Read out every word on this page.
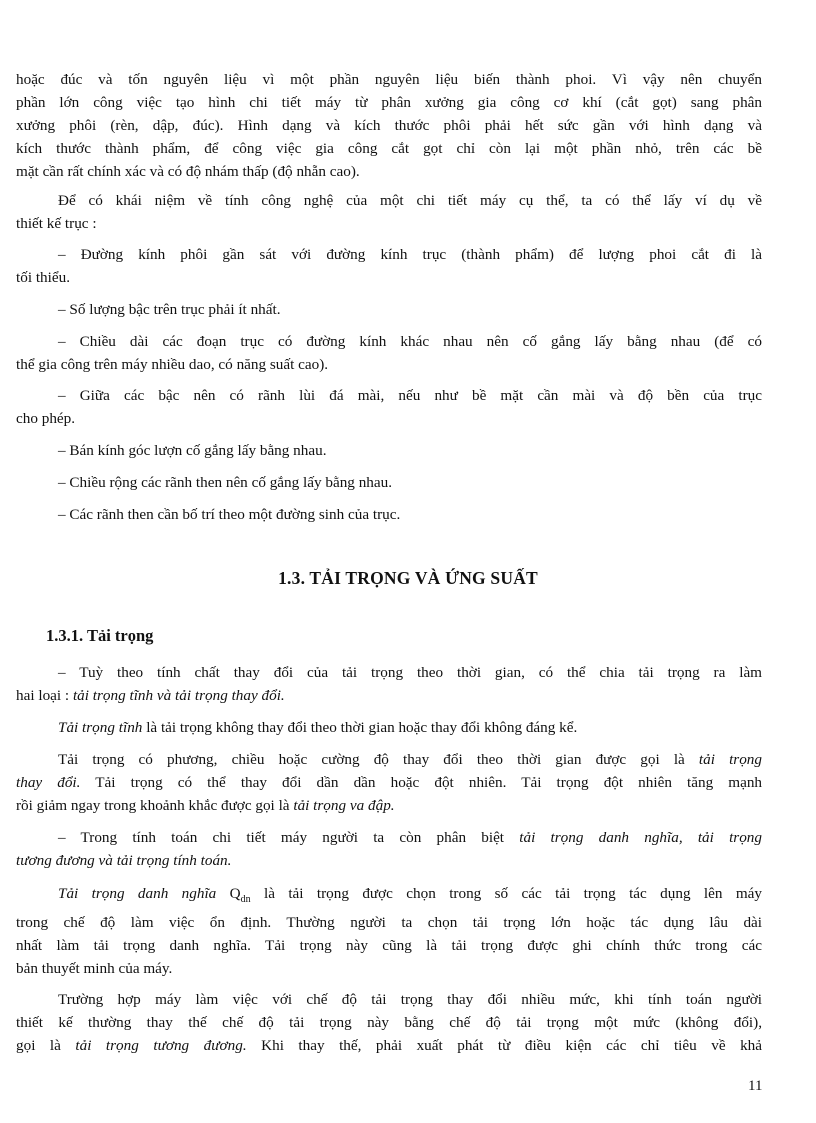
hoặc đúc và tốn nguyên liệu vì một phần nguyên liệu biến thành phoi. Vì vậy nên chuyển
phần lớn công việc tạo hình chi tiết máy từ phân xưởng gia công cơ khí (cắt gọt) sang phân
xưởng phôi (rèn, dập, đúc). Hình dạng và kích thước phôi phải hết sức gần với hình dạng và
kích thước thành phẩm, để công việc gia công cắt gọt chỉ còn lại một phần nhỏ, trên các bề
mặt cần rất chính xác và có độ nhám thấp (độ nhẵn cao).
Để có khái niệm về tính công nghệ của một chi tiết máy cụ thể, ta có thể lấy ví dụ về
thiết kế trục :
– Đường kính phôi gần sát với đường kính trục (thành phẩm) để lượng phoi cắt đi là
tối thiểu.
– Số lượng bậc trên trục phải ít nhất.
– Chiều dài các đoạn trục có đường kính khác nhau nên cố gắng lấy bằng nhau (để có
thể gia công trên máy nhiều dao, có năng suất cao).
– Giữa các bậc nên có rãnh lùi đá mài, nếu như bề mặt cần mài và độ bền của trục
cho phép.
– Bán kính góc lượn cố gắng lấy bằng nhau.
– Chiều rộng các rãnh then nên cố gắng lấy bằng nhau.
– Các rãnh then cần bố trí theo một đường sinh của trục.
1.3. TẢI TRỌNG VÀ ỨNG SUẤT
1.3.1. Tải trọng
– Tuỳ theo tính chất thay đổi của tải trọng theo thời gian, có thể chia tải trọng ra làm
hai loại : tải trọng tĩnh và tải trọng thay đổi.
Tải trọng tĩnh là tải trọng không thay đổi theo thời gian hoặc thay đổi không đáng kể.
Tải trọng có phương, chiều hoặc cường độ thay đổi theo thời gian được gọi là tải trọng
thay đổi. Tải trọng có thể thay đổi dần dần hoặc đột nhiên. Tải trọng đột nhiên tăng mạnh
rồi giảm ngay trong khoảnh khắc được gọi là tải trọng va đập.
– Trong tính toán chi tiết máy người ta còn phân biệt tải trọng danh nghĩa, tải trọng
tương đương và tải trọng tính toán.
Tải trọng danh nghĩa $Q_{dn}$ là tải trọng được chọn trong số các tải trọng tác dụng lên máy
trong chế độ làm việc ổn định. Thường người ta chọn tải trọng lớn hoặc tác dụng lâu dài
nhất làm tải trọng danh nghĩa. Tải trọng này cũng là tải trọng được ghi chính thức trong các
bản thuyết minh của máy.
Trường hợp máy làm việc với chế độ tải trọng thay đổi nhiều mức, khi tính toán người
thiết kế thường thay thế chế độ tải trọng này bằng chế độ tải trọng một mức (không đổi),
gọi là tải trọng tương đương. Khi thay thế, phải xuất phát từ điều kiện các chỉ tiêu về khả
11
